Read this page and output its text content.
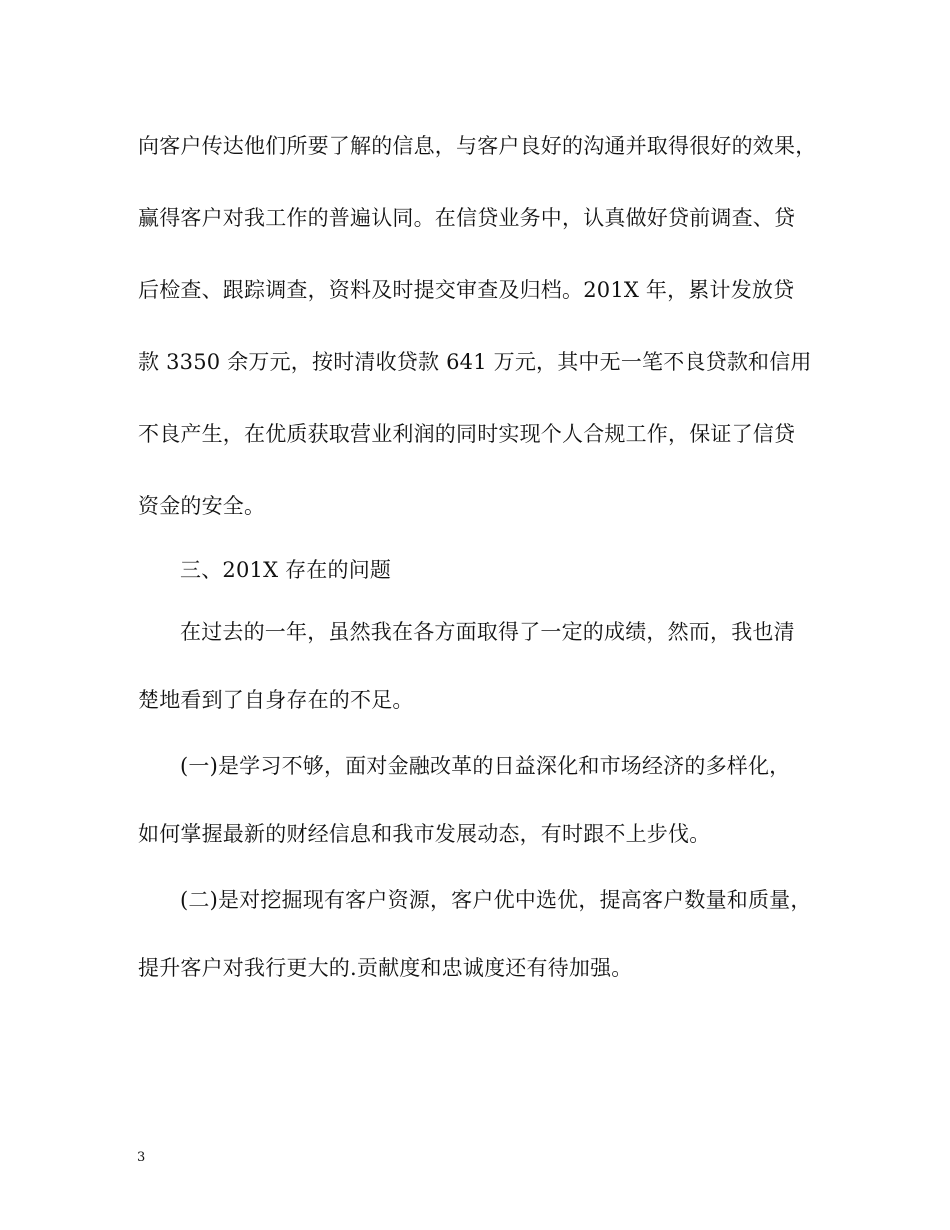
向客户传达他们所要了解的信息，与客户良好的沟通并取得很好的效果，
赢得客户对我工作的普遍认同。在信贷业务中，认真做好贷前调查、贷
后检查、跟踪调查，资料及时提交审查及归档。201X 年，累计发放贷
款 3350 余万元，按时清收贷款 641 万元，其中无一笔不良贷款和信用
不良产生，在优质获取营业利润的同时实现个人合规工作，保证了信贷
资金的安全。
三、201X 存在的问题
在过去的一年，虽然我在各方面取得了一定的成绩，然而，我也清
楚地看到了自身存在的不足。
(一)是学习不够，面对金融改革的日益深化和市场经济的多样化，
如何掌握最新的财经信息和我市发展动态，有时跟不上步伐。
(二)是对挖掘现有客户资源，客户优中选优，提高客户数量和质量，
提升客户对我行更大的.贡献度和忠诚度还有待加强。
3
